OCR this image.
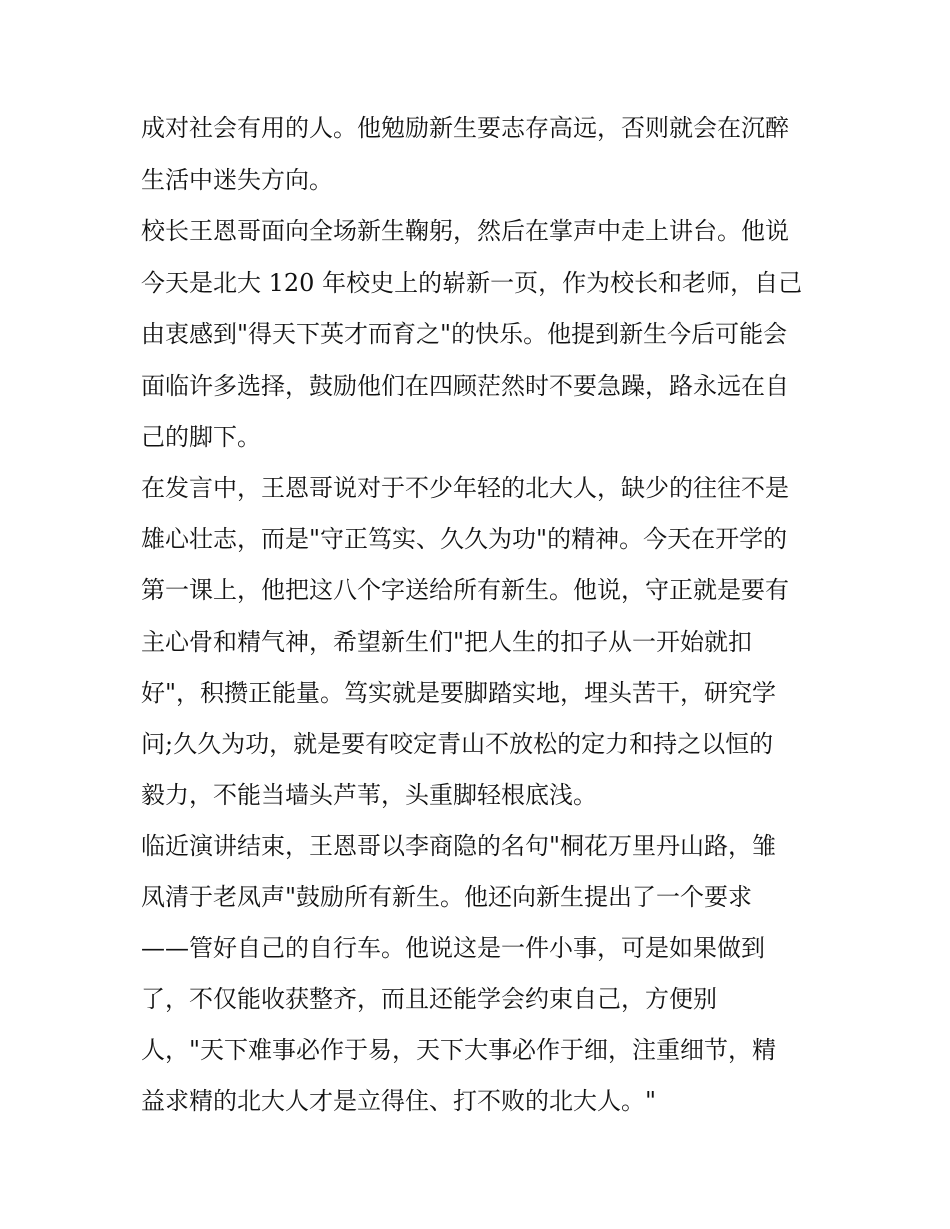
成对社会有用的人。他勉励新生要志存高远，否则就会在沉醉

生活中迷失方向。

校长王恩哥面向全场新生鞠躬，然后在掌声中走上讲台。他说

今天是北大 120 年校史上的崭新一页，作为校长和老师，自己

由衷感到"得天下英才而育之"的快乐。他提到新生今后可能会

面临许多选择，鼓励他们在四顾茫然时不要急躁，路永远在自

己的脚下。

在发言中，王恩哥说对于不少年轻的北大人，缺少的往往不是

雄心壮志，而是"守正笃实、久久为功"的精神。今天在开学的

第一课上，他把这八个字送给所有新生。他说，守正就是要有

主心骨和精气神，希望新生们"把人生的扣子从一开始就扣

好"，积攒正能量。笃实就是要脚踏实地，埋头苦干，研究学

问;久久为功，就是要有咬定青山不放松的定力和持之以恒的

毅力，不能当墙头芦苇，头重脚轻根底浅。

临近演讲结束，王恩哥以李商隐的名句"桐花万里丹山路，雏

凤清于老凤声"鼓励所有新生。他还向新生提出了一个要求

——管好自己的自行车。他说这是一件小事，可是如果做到

了，不仅能收获整齐，而且还能学会约束自己，方便别

人，"天下难事必作于易，天下大事必作于细，注重细节，精

益求精的北大人才是立得住、打不败的北大人。"
